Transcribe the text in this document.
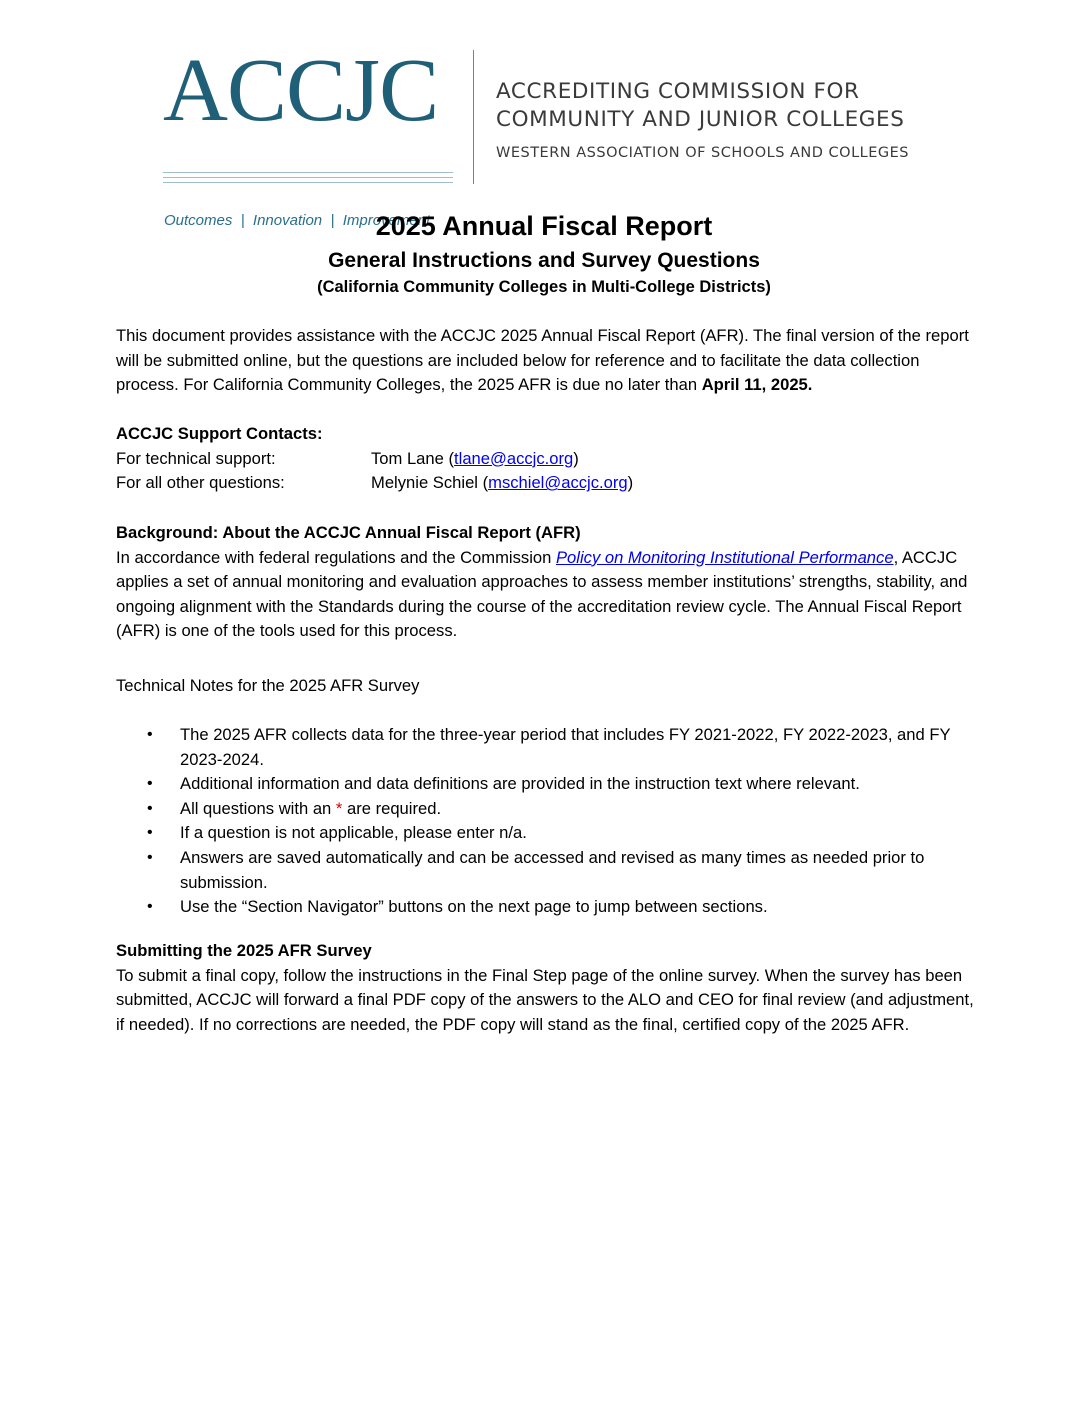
ACCJC
Outcomes  |  Innovation  |  Improvement
ACCREDITING COMMISSION FOR
COMMUNITY AND JUNIOR COLLEGES
WESTERN ASSOCIATION OF SCHOOLS AND COLLEGES
2025 Annual Fiscal Report
General Instructions and Survey Questions
(California Community Colleges in Multi-College Districts)

This document provides assistance with the ACCJC 2025 Annual Fiscal Report (AFR). The final version of the report will be submitted online, but the questions are included below for reference and to facilitate the data collection process. For California Community Colleges, the 2025 AFR is due no later than April 11, 2025.

ACCJC Support Contacts:
For technical support:	Tom Lane (tlane@accjc.org)
For all other questions:	Melynie Schiel (mschiel@accjc.org)
Background: About the ACCJC Annual Fiscal Report (AFR)

In accordance with federal regulations and the Commission Policy on Monitoring Institutional Performance, ACCJC applies a set of annual monitoring and evaluation approaches to assess member institutions’ strengths, stability, and ongoing alignment with the Standards during the course of the accreditation review cycle. The Annual Fiscal Report (AFR) is one of the tools used for this process.

Technical Notes for the 2025 AFR Survey
• The 2025 AFR collects data for the three-year period that includes FY 2021-2022, FY 2022-2023, and FY 2023-2024.
• Additional information and data definitions are provided in the instruction text where relevant.
• All questions with an * are required.
• If a question is not applicable, please enter n/a.
• Answers are saved automatically and can be accessed and revised as many times as needed prior to submission.
• Use the “Section Navigator” buttons on the next page to jump between sections.
Submitting the 2025 AFR Survey

To submit a final copy, follow the instructions in the Final Step page of the online survey. When the survey has been submitted, ACCJC will forward a final PDF copy of the answers to the ALO and CEO for final review (and adjustment, if needed). If no corrections are needed, the PDF copy will stand as the final, certified copy of the 2025 AFR.
